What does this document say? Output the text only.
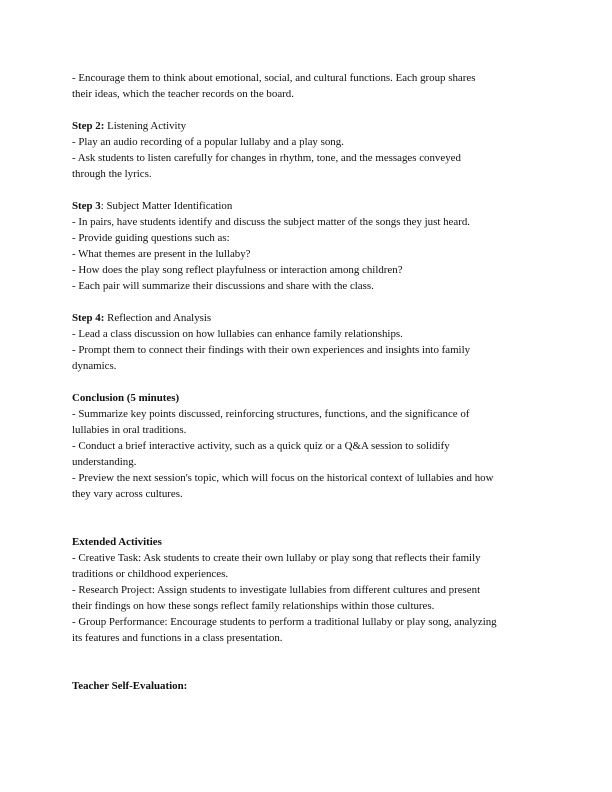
- Encourage them to think about emotional, social, and cultural functions. Each group shares

their ideas, which the teacher records on the board.

Step 2: Listening Activity

- Play an audio recording of a popular lullaby and a play song.

- Ask students to listen carefully for changes in rhythm, tone, and the messages conveyed

through the lyrics.

Step 3: Subject Matter Identification

- In pairs, have students identify and discuss the subject matter of the songs they just heard.

- Provide guiding questions such as:

- What themes are present in the lullaby?

- How does the play song reflect playfulness or interaction among children?

- Each pair will summarize their discussions and share with the class.

Step 4: Reflection and Analysis

- Lead a class discussion on how lullabies can enhance family relationships.

- Prompt them to connect their findings with their own experiences and insights into family

dynamics.

Conclusion (5 minutes)

- Summarize key points discussed, reinforcing structures, functions, and the significance of

lullabies in oral traditions.

- Conduct a brief interactive activity, such as a quick quiz or a Q&A session to solidify

understanding.

- Preview the next session's topic, which will focus on the historical context of lullabies and how

they vary across cultures.

Extended Activities

- Creative Task: Ask students to create their own lullaby or play song that reflects their family

traditions or childhood experiences.

- Research Project: Assign students to investigate lullabies from different cultures and present

their findings on how these songs reflect family relationships within those cultures.

- Group Performance: Encourage students to perform a traditional lullaby or play song, analyzing

its features and functions in a class presentation.

Teacher Self-Evaluation:
